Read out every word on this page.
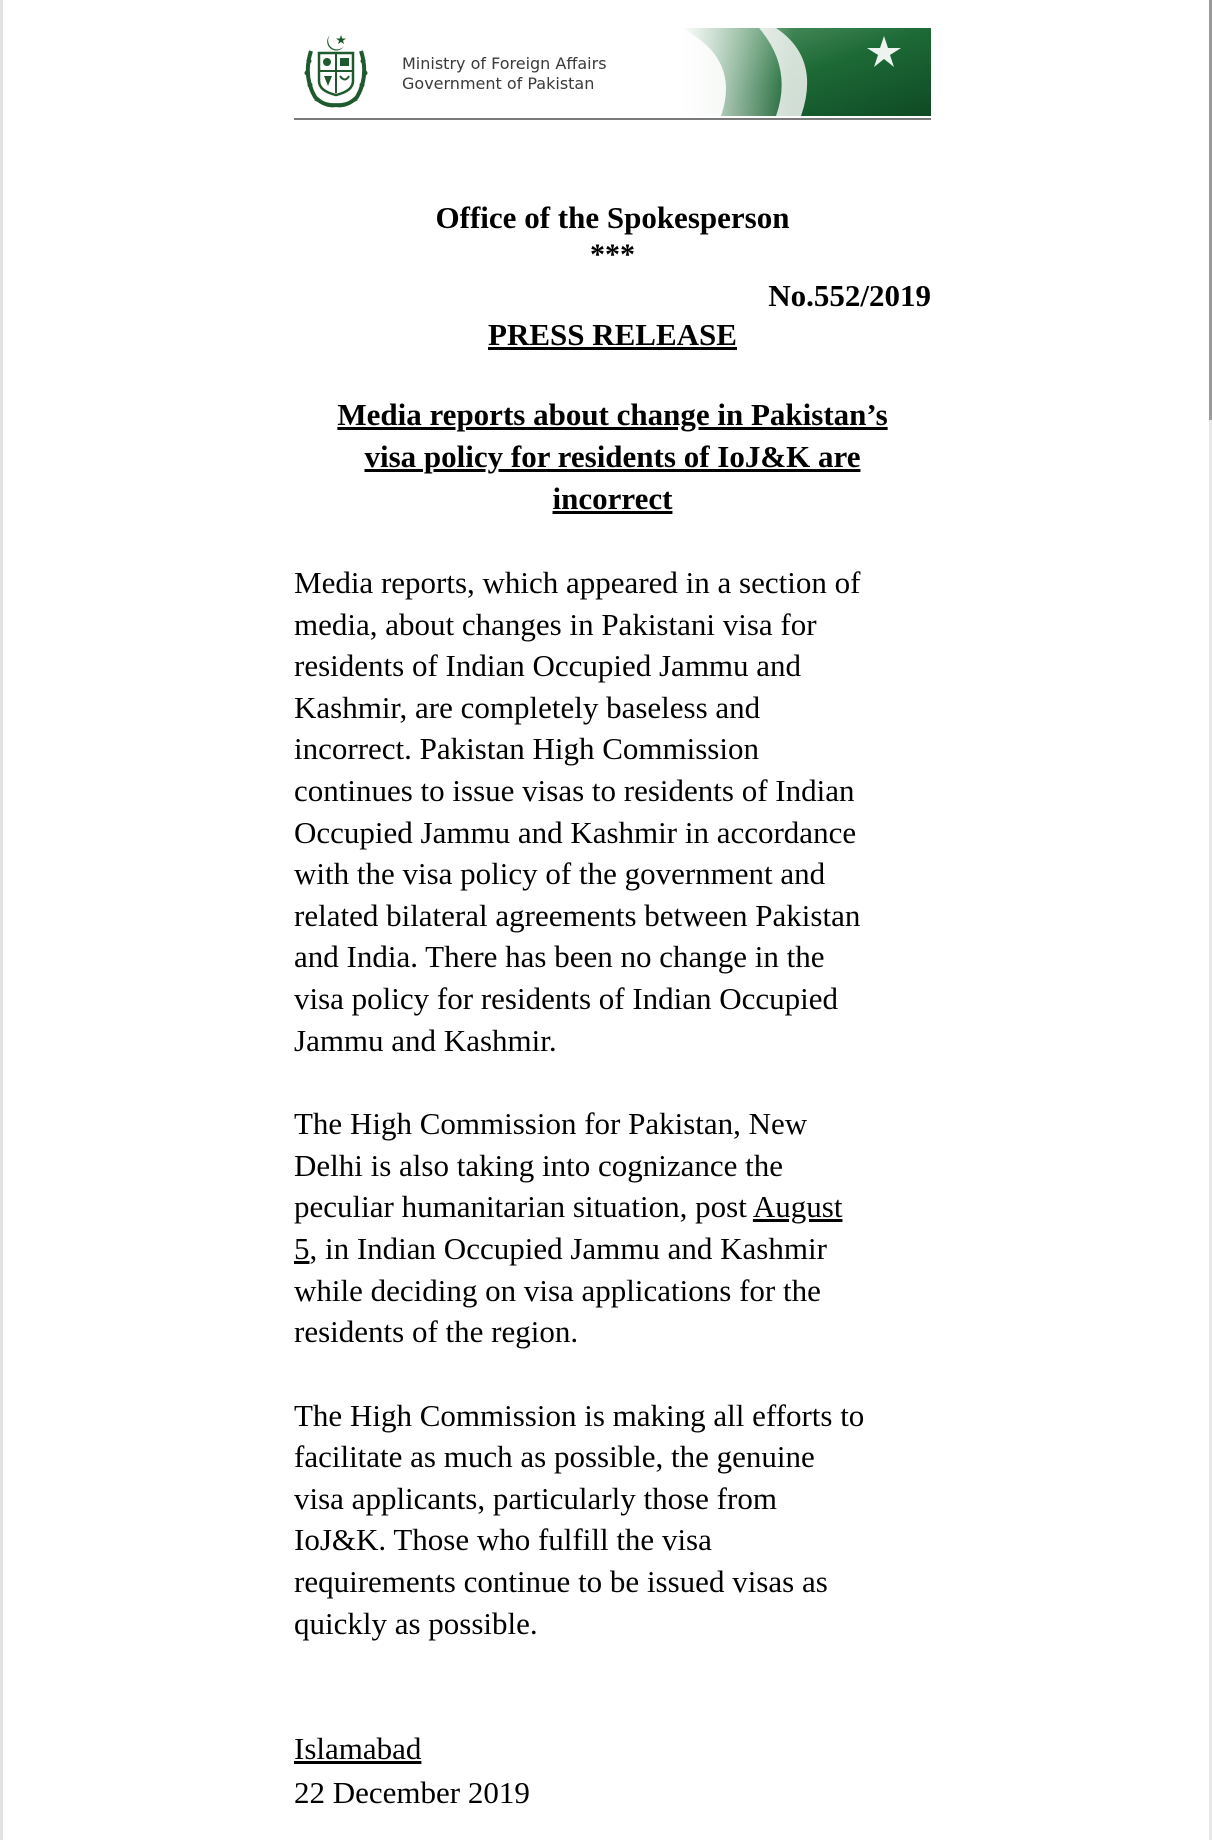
Ministry of Foreign Affairs
Government of Pakistan
Office of the Spokesperson
***
No.552/2019
PRESS RELEASE
Media reports about change in Pakistan’s
visa policy for residents of IoJ&K are
incorrect
Media reports, which appeared in a section of
media, about changes in Pakistani visa for
residents of Indian Occupied Jammu and
Kashmir, are completely baseless and
incorrect. Pakistan High Commission
continues to issue visas to residents of Indian
Occupied Jammu and Kashmir in accordance
with the visa policy of the government and
related bilateral agreements between Pakistan
and India. There has been no change in the
visa policy for residents of Indian Occupied
Jammu and Kashmir.
The High Commission for Pakistan, New
Delhi is also taking into cognizance the
peculiar humanitarian situation, post August
5, in Indian Occupied Jammu and Kashmir
while deciding on visa applications for the
residents of the region.
The High Commission is making all efforts to
facilitate as much as possible, the genuine
visa applicants, particularly those from
IoJ&K. Those who fulfill the visa
requirements continue to be issued visas as
quickly as possible.
Islamabad
22 December 2019
